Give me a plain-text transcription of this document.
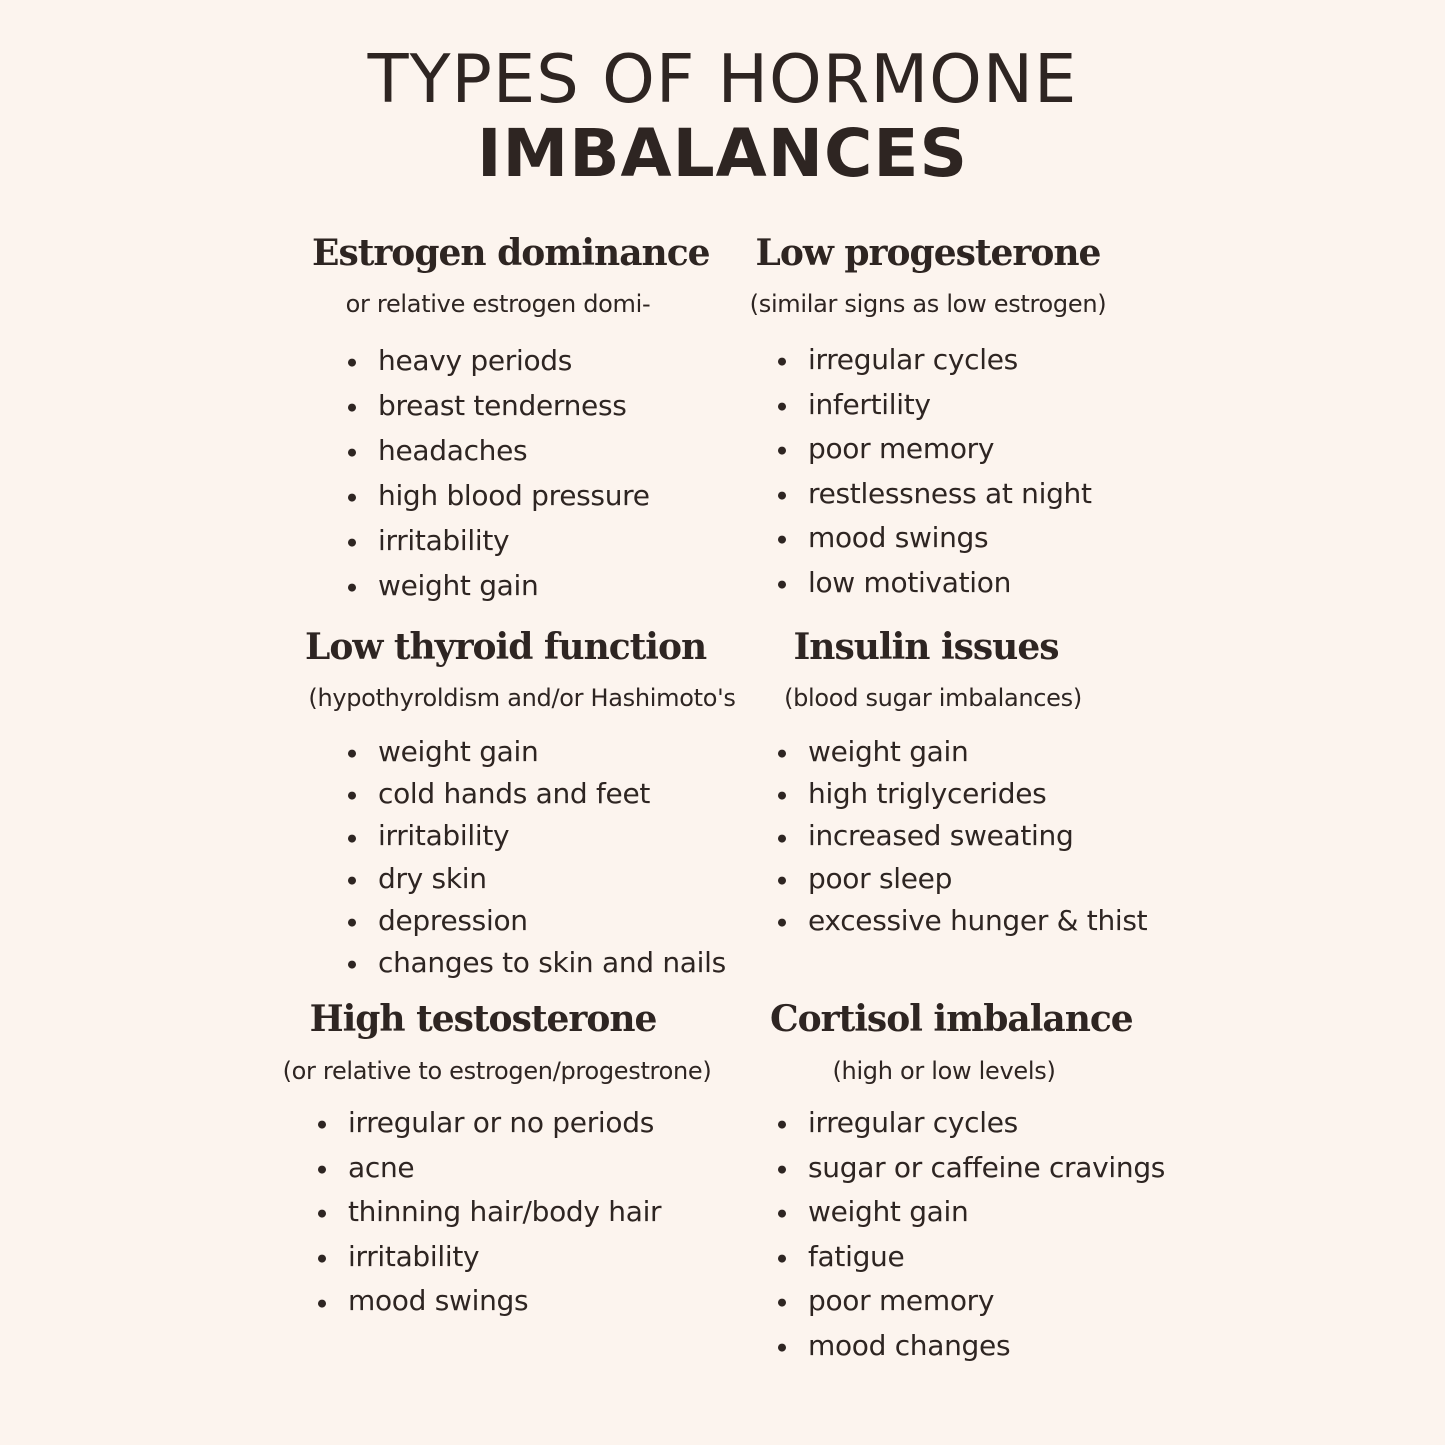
TYPES OF HORMONE
IMBALANCES
Estrogen dominance
or relative estrogen domi-
heavy periods
breast tenderness
headaches
high blood pressure
irritability
weight gain
Low progesterone
(similar signs as low estrogen)
irregular cycles
infertility
poor memory
restlessness at night
mood swings
low motivation
Low thyroid function
(hypothyroldism and/or Hashimoto's
weight gain
cold hands and feet
irritability
dry skin
depression
changes to skin and nails
Insulin issues
(blood sugar imbalances)
weight gain
high triglycerides
increased sweating
poor sleep
excessive hunger & thist
High testosterone
(or relative to estrogen/progestrone)
irregular or no periods
acne
thinning hair/body hair
irritability
mood swings
Cortisol imbalance
(high or low levels)
irregular cycles
sugar or caffeine cravings
weight gain
fatigue
poor memory
mood changes
